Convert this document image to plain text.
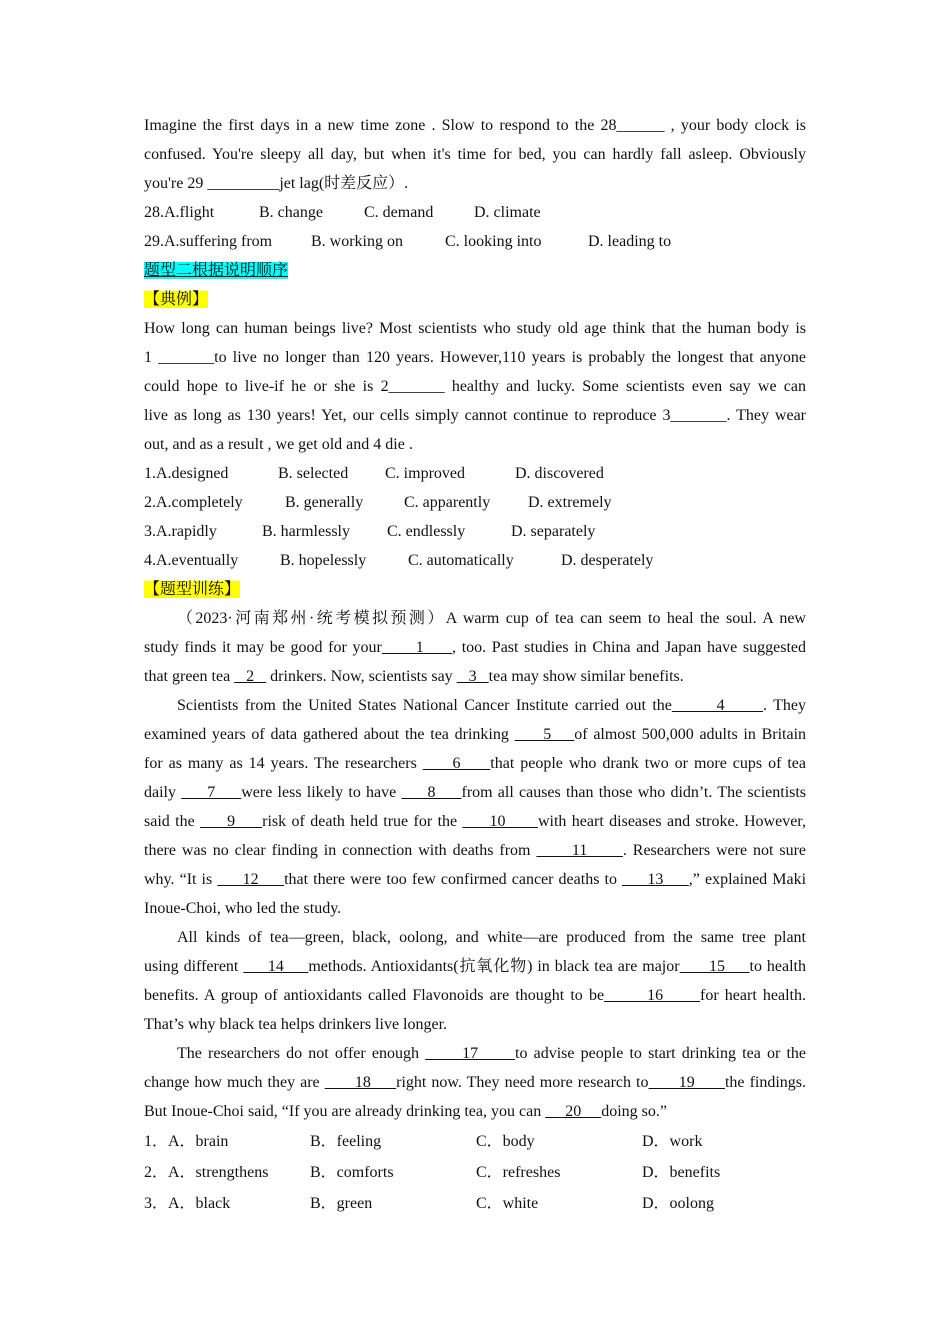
Imagine the first days in a new time zone . Slow to respond to the 28______ , your body clock is
confused. You're sleepy all day, but when it's time for bed, you can hardly fall asleep. Obviously
you're 29 _________jet lag(时差反应）.
28.A.flight	B. change	C. demand	D. climate
29.A.suffering from	B. working on	C. looking into	D. leading to
题型二根据说明顺序
【典例】
How long can human beings live? Most scientists who study old age think that the human body is
1 _______to live no longer than 120 years. However,110 years is probably the longest that anyone
could hope to live-if he or she is 2_______ healthy and lucky. Some scientists even say we can
live as long as 130 years! Yet, our cells simply cannot continue to reproduce 3_______. They wear
out, and as a result , we get old and 4 die .
1.A.designed	B. selected	C. improved	D. discovered
2.A.completely	B. generally	C. apparently	D. extremely
3.A.rapidly	B. harmlessly	C. endlessly	D. separately
4.A.eventually	B. hopelessly	C. automatically	D. desperately
【题型训练】
（2023·河南郑州·统考模拟预测）A warm cup of tea can seem to heal the soul. A new
study finds it may be good for your      1     , too. Past studies in China and Japan have suggested
that green tea    2    drinkers. Now, scientists say    3   tea may show similar benefits.
Scientists from the United States National Cancer Institute carried out the       4      . They
examined years of data gathered about the tea drinking      5    of almost 500,000 adults in Britain
for as many as 14 years. The researchers      6     that people who drank two or more cups of tea
daily      7     were less likely to have      8     from all causes than those who didn’t. The scientists
said the      9     risk of death held true for the      10      with heart diseases and stroke. However,
there was no clear finding in connection with deaths from       11      . Researchers were not sure
why. “It is      12     that there were too few confirmed cancer deaths to      13     ,” explained Maki
Inoue-Choi, who led the study.
All kinds of tea—green, black, oolong, and white—are produced from the same tree plant
using different      14     methods. Antioxidants(抗氧化物) in black tea are major      15     to health
benefits. A group of antioxidants called Flavonoids are thought to be       16      for heart health.
That’s why black tea helps drinkers live longer.
The researchers do not offer enough       17      to advise people to start drinking tea or the
change how much they are       18     right now. They need more research to      19      the findings.
But Inoue-Choi said, “If you are already drinking tea, you can      20     doing so.”
1．A．brain	B．feeling	C．body	D．work
2．A．strengthens	B．comforts	C．refreshes	D．benefits
3．A．black	B．green	C．white	D．oolong
